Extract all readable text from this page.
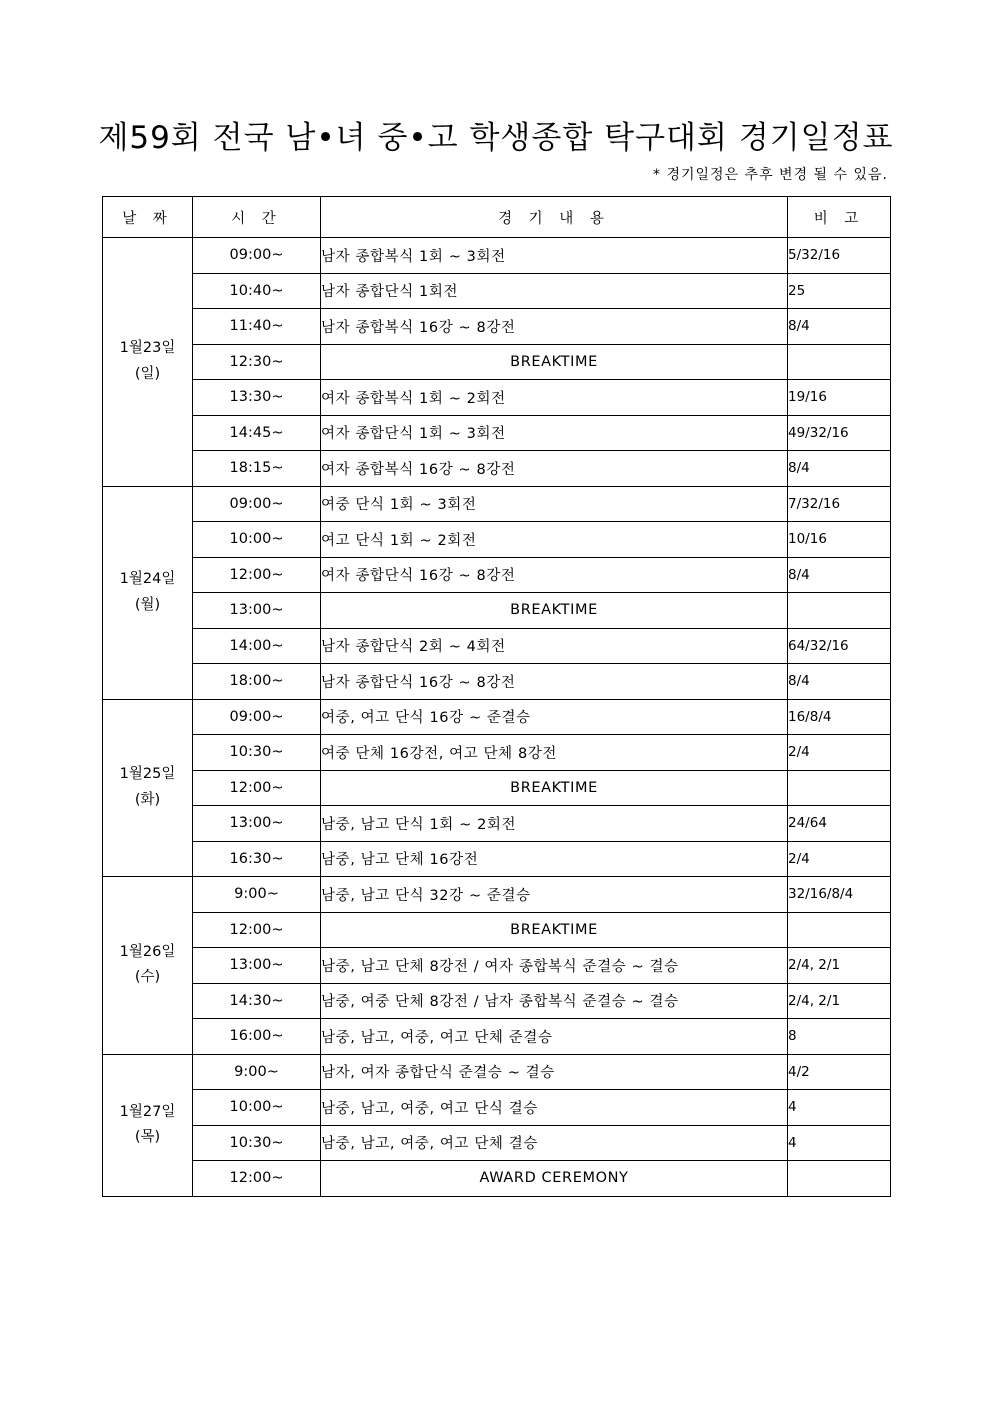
제59회 전국 남•녀 중•고 학생종합 탁구대회 경기일정표
* 경기일정은 추후 변경 될 수 있음.
날 짜	시 간	경 기 내 용	비 고

1월23일
(일)	09:00~	남자 종합복식 1회 ~ 3회전	5/32/16
	10:40~	남자 종합단식 1회전	25
	11:40~	남자 종합복식 16강 ~ 8강전	8/4
	12:30~	BREAKTIME	
	13:30~	여자 종합복식 1회 ~ 2회전	19/16
	14:45~	여자 종합단식 1회 ~ 3회전	49/32/16
	18:15~	여자 종합복식 16강 ~ 8강전	8/4

1월24일
(월)	09:00~	여중 단식 1회 ~ 3회전	7/32/16
	10:00~	여고 단식 1회 ~ 2회전	10/16
	12:00~	여자 종합단식 16강 ~ 8강전	8/4
	13:00~	BREAKTIME	
	14:00~	남자 종합단식 2회 ~ 4회전	64/32/16
	18:00~	남자 종합단식 16강 ~ 8강전	8/4

1월25일
(화)	09:00~	여중, 여고 단식 16강 ~ 준결승	16/8/4
	10:30~	여중 단체 16강전, 여고 단체 8강전	2/4
	12:00~	BREAKTIME	
	13:00~	남중, 남고 단식 1회 ~ 2회전	24/64
	16:30~	남중, 남고 단체 16강전	2/4

1월26일
(수)	9:00~	남중, 남고 단식 32강 ~ 준결승	32/16/8/4
	12:00~	BREAKTIME	
	13:00~	남중, 남고 단체 8강전 / 여자 종합복식 준결승 ~ 결승	2/4, 2/1
	14:30~	남중, 여중 단체 8강전 / 남자 종합복식 준결승 ~ 결승	2/4, 2/1
	16:00~	남중, 남고, 여중, 여고 단체 준결승	8

1월27일
(목)	9:00~	남자, 여자 종합단식 준결승 ~ 결승	4/2
	10:00~	남중, 남고, 여중, 여고 단식 결승	4
	10:30~	남중, 남고, 여중, 여고 단체 결승	4
	12:00~	AWARD CEREMONY	
